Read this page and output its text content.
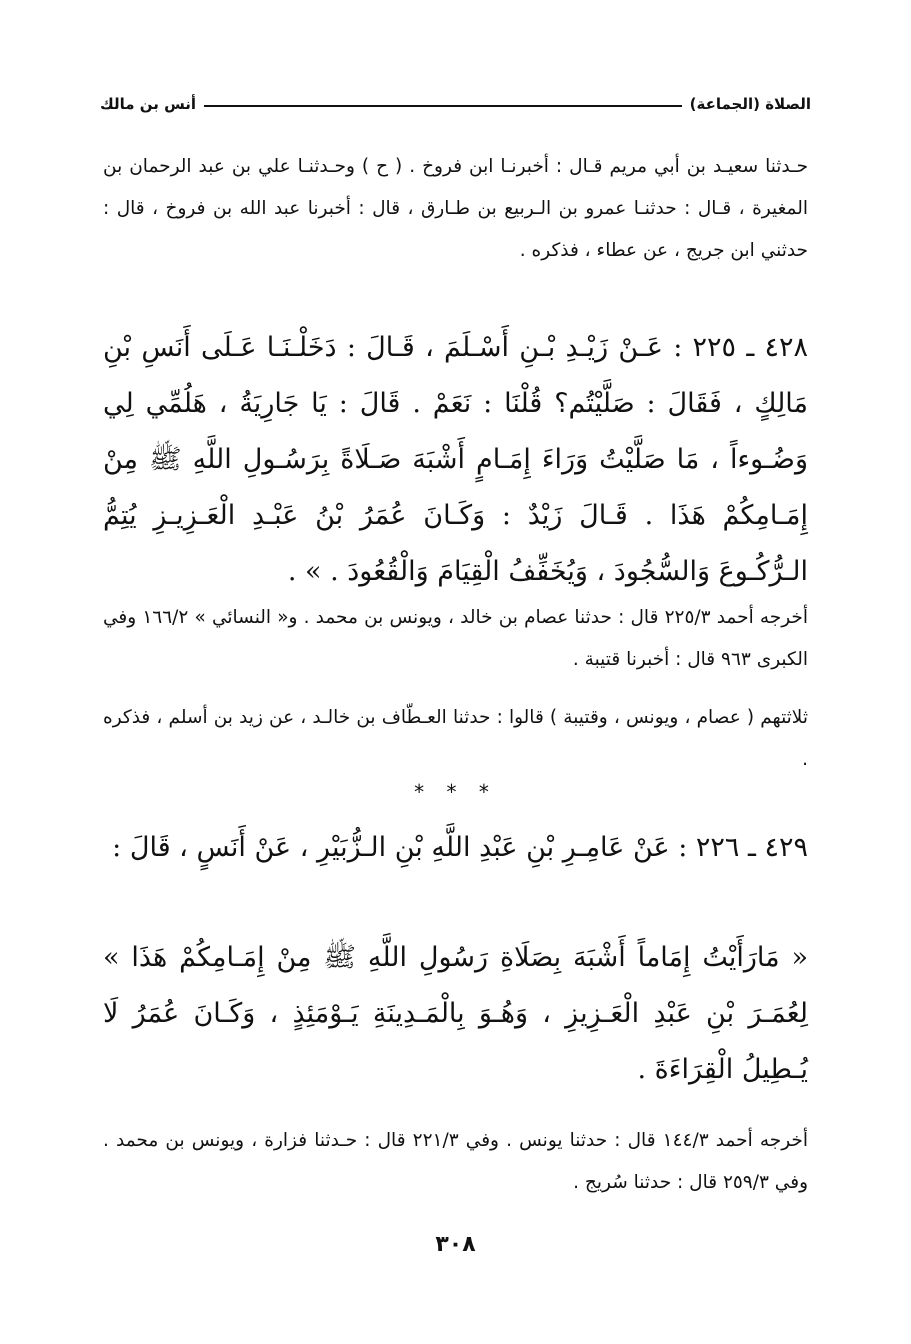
الصلاة (الجماعة)
أنس بن مالك

حـدثنا سعيـد بن أبي مريم قـال : أخبرنـا ابن فروخ . ( ح ) وحـدثنـا علي بن عبد الرحمان بن المغيرة ، قـال : حدثنـا عمرو بن الـربيع بن طـارق ، قال : أخبرنا عبد الله بن فروخ ، قال : حدثني ابن جريج ، عن عطاء ، فذكره .

٤٢٨ ـ ٢٢٥ : عَـنْ زَيْـدِ بْـنِ أَسْـلَمَ ، قَـالَ : دَخَلْـنَـا عَـلَى أَنَسِ بْنِ مَالِكٍ ، فَقَالَ : صَلَّيْتُم؟ قُلْنَا : نَعَمْ . قَالَ : يَا جَارِيَةُ ، هَلُمِّي لِي وَضُـوءاً ، مَا صَلَّيْتُ وَرَاءَ إِمَـامٍ أَشْبَهَ صَـلَاةً بِرَسُـولِ اللَّهِ ﷺ مِنْ إِمَـامِكُمْ هَذَا . قَـالَ زَيْدٌ : وَكَـانَ عُمَرُ بْنُ عَبْـدِ الْعَـزِيـزِ يُتِمُّ الـرُّكُـوعَ وَالسُّجُودَ ، وَيُخَفِّفُ الْقِيَامَ وَالْقُعُودَ . » .

أخرجه أحمد ٢٢٥/٣ قال : حدثنا عصام بن خالد ، ويونس بن محمد . و« النسائي » ١٦٦/٢ وفي الكبرى ٩٦٣ قال : أخبرنا قتيبة .

ثلاثتهم ( عصام ، ويونس ، وقتيبة ) قالوا : حدثنا العـطّاف بن خالـد ، عن زيد بن أسلم ، فذكره .

* * *

٤٢٩ ـ ٢٢٦ : عَنْ عَامِـرِ بْنِ عَبْدِ اللَّهِ بْنِ الـزُّبَيْرِ ، عَنْ أَنَسٍ ، قَالَ :

« مَارَأَيْتُ إِمَاماً أَشْبَهَ بِصَلَاةِ رَسُولِ اللَّهِ ﷺ مِنْ إِمَـامِكُمْ هَذَا » لِعُمَـرَ بْنِ عَبْدِ الْعَـزِيزِ ، وَهُـوَ بِالْمَـدِينَةِ يَـوْمَئِذٍ ، وَكَـانَ عُمَرُ لَا يُـطِيلُ الْقِرَاءَةَ .

أخرجه أحمد ١٤٤/٣ قال : حدثنا يونس . وفي ٢٢١/٣ قال : حـدثنا فزارة ، ويونس بن محمد . وفي ٢٥٩/٣ قال : حدثنا سُريج .

٣٠٨
